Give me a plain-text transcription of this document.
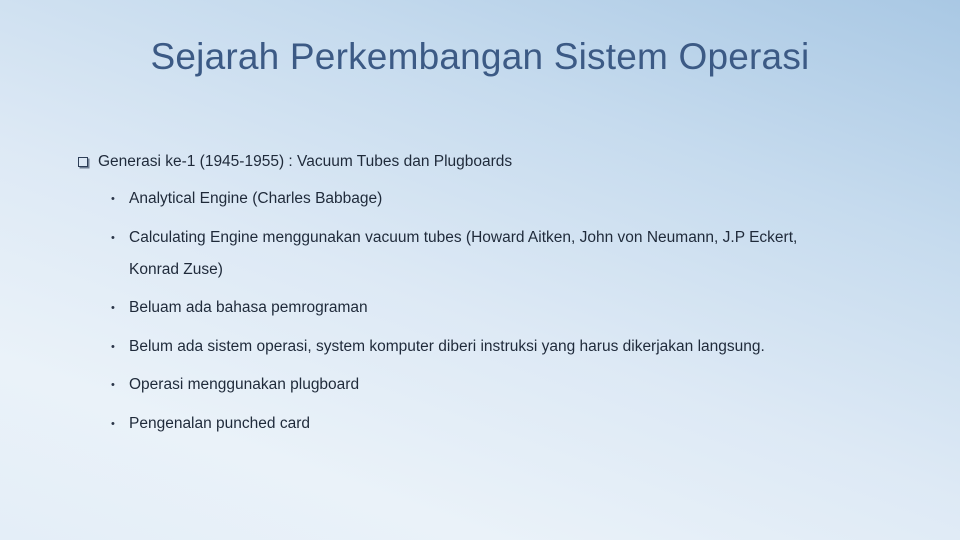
Sejarah Perkembangan Sistem Operasi
Generasi ke-1 (1945-1955) : Vacuum Tubes dan Plugboards
• Analytical Engine (Charles Babbage)
• Calculating Engine menggunakan vacuum tubes (Howard Aitken, John von Neumann, J.P Eckert,
Konrad Zuse)
• Beluam ada bahasa pemrograman
• Belum ada sistem operasi, system komputer diberi instruksi yang harus dikerjakan langsung.
• Operasi menggunakan plugboard
• Pengenalan punched card
